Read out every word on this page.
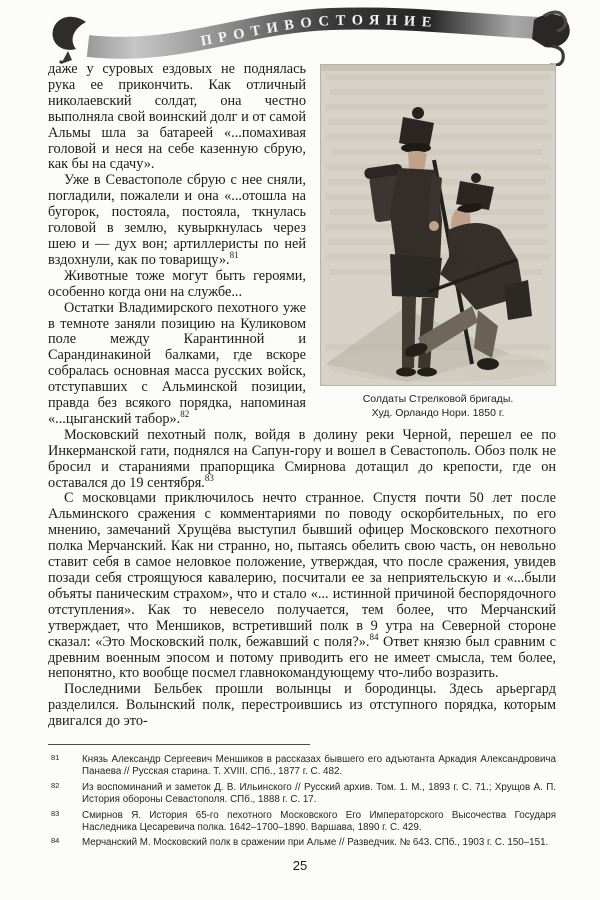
ПРОТИВОСТОЯНИЕ
Солдаты Стрелковой бригады.
Худ. Орландо Нори. 1850 г.

даже у суровых ездовых не поднялась рука ее прикончить. Как отличный николаевский солдат, она честно выполняла свой воинский долг и от самой Альмы шла за батареей «...помахивая головой и неся на себе казенную сбрую, как бы на сдачу».

Уже в Севастополе сбрую с нее сняли, погладили, пожалели и она «...отошла на бугорок, постояла, постояла, ткнулась головой в землю, кувыркнулась через шею и — дух вон; артиллеристы по ней вздохнули, как по товарищу».$^{81}$

Животные тоже могут быть героями, особенно когда они на службе...

Остатки Владимирского пехотного уже в темноте заняли позицию на Куликовом поле между Карантинной и Сарандинакиной балками, где вскоре собралась основная масса русских войск, отступавших с Альминской позиции, правда без всякого порядка, напоминая «...цыганский табор».$^{82}$

Московский пехотный полк, войдя в долину реки Черной, перешел ее по Инкерманской гати, поднялся на Сапун-гору и вошел в Севастополь. Обоз полк не бросил и стараниями прапорщика Смирнова дотащил до крепости, где он оставался до 19 сентября.$^{83}$

С московцами приключилось нечто странное. Спустя почти 50 лет после Альминского сражения с комментариями по поводу оскорбительных, по его мнению, замечаний Хрущёва выступил бывший офицер Московского пехотного полка Мерчанский. Как ни странно, но, пытаясь обелить свою часть, он невольно ставит себя в самое неловкое положение, утверждая, что после сражения, увидев позади себя строящуюся кавалерию, посчитали ее за неприятельскую и «...были объяты паническим страхом», что и стало «... истинной причиной беспорядочного отступления». Как то невесело получается, тем более, что Мерчанский утверждает, что Меншиков, встретивший полк в 9 утра на Северной стороне сказал: «Это Московский полк, бежавший с поля?».$^{84}$ Ответ князю был сравним с древним военным эпосом и потому приводить его не имеет смысла, тем более, непонятно, кто вообще посмел главнокомандующему что-либо возразить.

Последними Бельбек прошли волынцы и бородинцы. Здесь арьергард разделился. Волынский полк, перестроившись из отступного порядка, которым двигался до это-

81 Князь Александр Сергеевич Меншиков в рассказах бывшего его адъютанта Аркадия Александровича Панаева // Русская старина. Т. XVIII. СПб., 1877 г. С. 482.
82 Из воспоминаний и заметок Д. В. Ильинского // Русский архив. Том. 1. М., 1893 г. С. 71.; Хрущов А. П. История обороны Севастополя. СПб., 1888 г. С. 17.
83 Смирнов Я. История 65-го пехотного Московского Его Императорского Высочества Государя Наследника Цесаревича полка. 1642–1700–1890. Варшава, 1890 г. С. 429.
84 Мерчанский М. Московский полк в сражении при Альме // Разведчик. № 643. СПб., 1903 г. С. 150–151.
25
